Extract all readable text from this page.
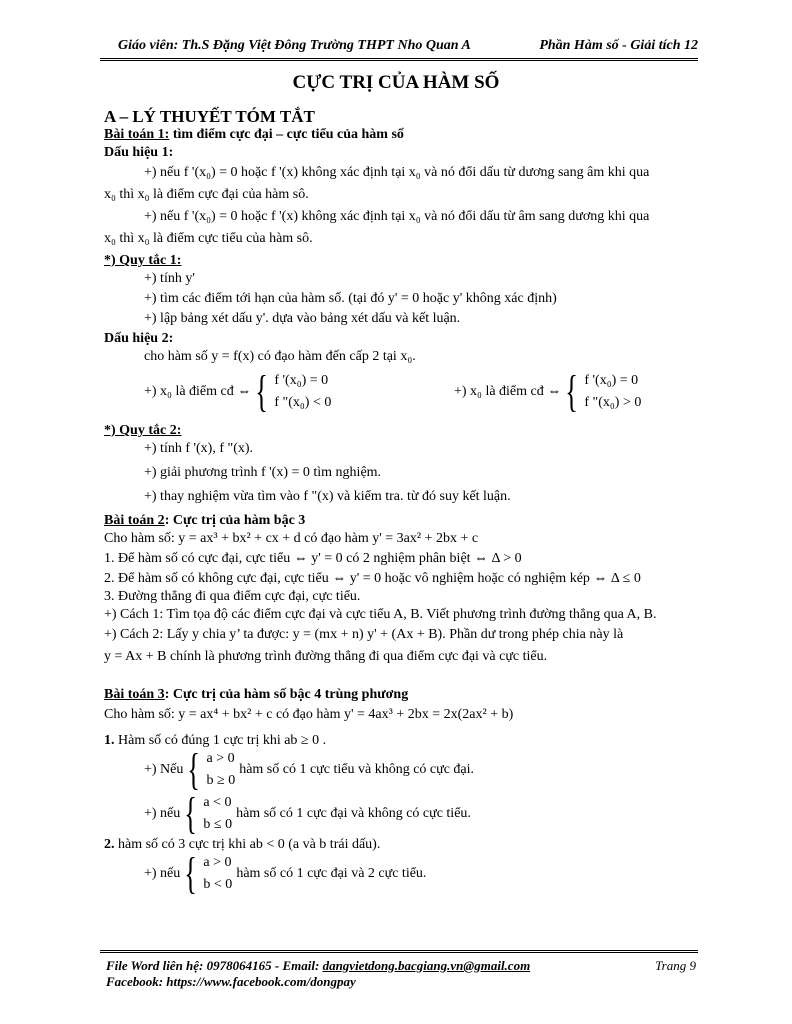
Giáo viên: Th.S Đặng Việt Đông Trường THPT Nho Quan A	Phần Hàm số - Giải tích 12
CỰC TRỊ CỦA HÀM SỐ
A – LÝ THUYẾT TÓM TẮT
Bài toán 1: tìm điểm cực đại – cực tiểu của hàm số
Dấu hiệu 1:
+) nếu f '(x₀) = 0 hoặc f '(x) không xác định tại x₀ và nó đổi dấu từ dương sang âm khi qua
x₀ thì x₀ là điểm cực đại của hàm sô.
+) nếu f '(x₀) = 0 hoặc f '(x) không xác định tại x₀ và nó đổi dấu từ âm sang dương khi qua
x₀ thì x₀ là điểm cực tiểu của hàm sô.
*) Quy tắc 1:
+) tính y'
+) tìm các điểm tới hạn của hàm số. (tại đó y' = 0 hoặc y' không xác định)
+) lập bảng xét dấu y'. dựa vào bảng xét dấu và kết luận.
Dấu hiệu 2:
cho hàm số y = f(x) có đạo hàm đến cấp 2 tại x₀.
+) x₀ là điểm cđ ⇔ { f '(x₀) = 0
f "(x₀) < 0
+) x₀ là điểm cđ ⇔ { f '(x₀) = 0
f "(x₀) > 0
*) Quy tắc 2:
+) tính f '(x), f "(x).
+) giải phương trình f '(x) = 0 tìm nghiệm.
+) thay nghiệm vừa tìm vào f "(x) và kiểm tra. từ đó suy kết luận.
Bài toán 2: Cực trị của hàm bậc 3
Cho hàm số: y = ax³ + bx² + cx + d có đạo hàm y' = 3ax² + 2bx + c
1. Để hàm số có cực đại, cực tiểu ⇔ y' = 0 có 2 nghiệm phân biệt ⇔ Δ > 0
2. Để hàm số có không cực đại, cực tiểu ⇔ y' = 0 hoặc vô nghiệm hoặc có nghiệm kép ⇔ Δ ≤ 0
3. Đường thẳng đi qua điểm cực đại, cực tiểu.
+) Cách 1: Tìm tọa độ các điểm cực đại và cực tiểu A, B. Viết phương trình đường thẳng qua A, B.
+) Cách 2: Lấy y chia y’ ta được: y = (mx + n) y' + (Ax + B). Phần dư trong phép chia này là
y = Ax + B chính là phương trình đường thẳng đi qua điểm cực đại và cực tiểu.
Bài toán 3: Cực trị của hàm số bậc 4 trùng phương
Cho hàm số: y = ax⁴ + bx² + c có đạo hàm y' = 4ax³ + 2bx = 2x(2ax² + b)
1. Hàm số có đúng 1 cực trị khi ab ≥ 0 .
+) Nếu { a > 0
b ≥ 0
hàm số có 1 cực tiểu và không có cực đại.
+) nếu { a < 0
b ≤ 0
hàm số có 1 cực đại và không có cực tiểu.
2. hàm số có 3 cực trị khi ab < 0 (a và b trái dấu).
+) nếu { a > 0
b < 0
hàm số có 1 cực đại và 2 cực tiểu.
File Word liên hệ: 0978064165 - Email: dangvietdong.bacgiang.vn@gmail.com	Trang 9
Facebook: https://www.facebook.com/dongpay
